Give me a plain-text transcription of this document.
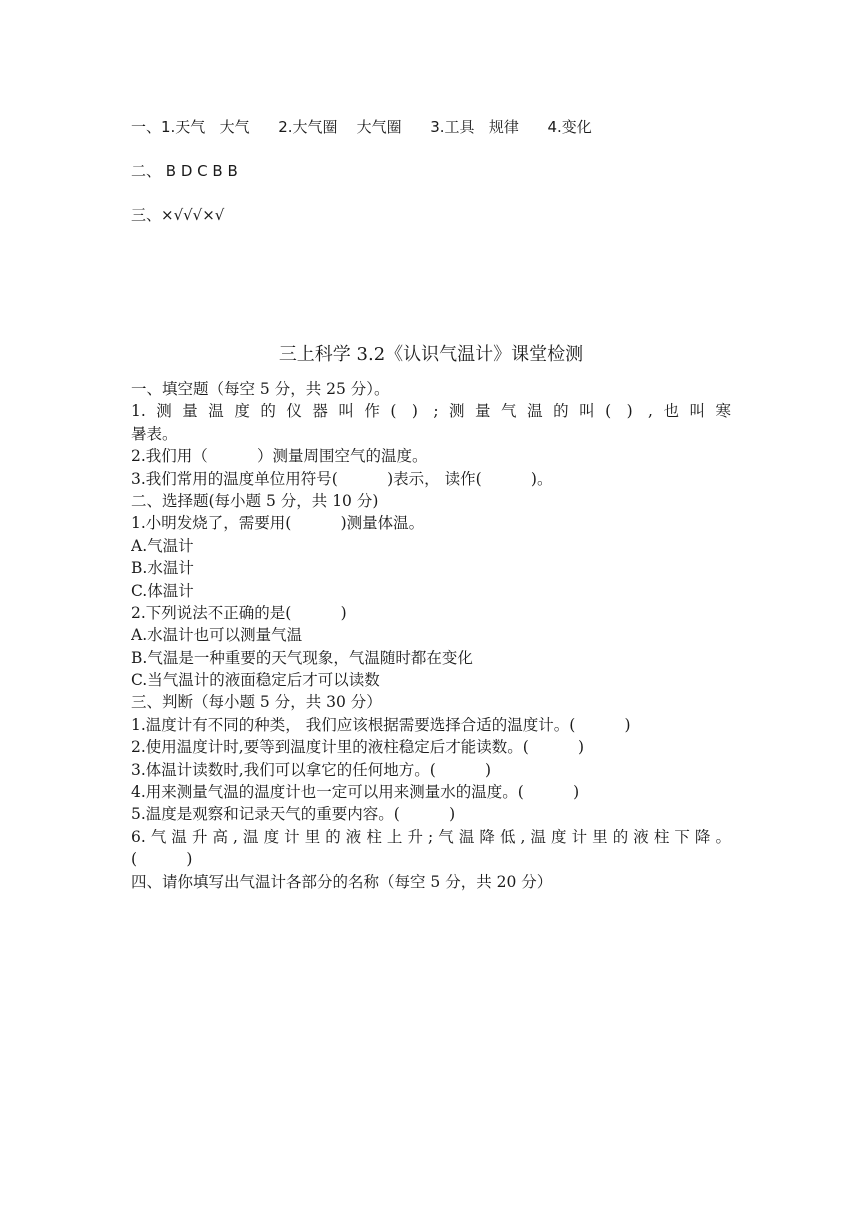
一、1.天气   大气      2.大气圈    大气圈      3.工具   规律      4.变化
二、 B D C B B
三、×√√√×√
三上科学 3.2《认识气温计》课堂检测
一、填空题（每空 5 分，共 25 分）。
1.测量温度的仪器叫作( ) ;测量气温的叫( ) ,也叫寒
暑表。
2.我们用（          ）测量周围空气的温度。
3.我们常用的温度单位用符号(          )表示， 读作(          )。
二、选择题(每小题 5 分，共 10 分)
1.小明发烧了，需要用(          )测量体温。
A.气温计
B.水温计
C.体温计
2.下列说法不正确的是(          )
A.水温计也可以测量气温
B.气温是一种重要的天气现象，气温随时都在变化
C.当气温计的液面稳定后才可以读数
三、判断（每小题 5 分，共 30 分）
1.温度计有不同的种类， 我们应该根据需要选择合适的温度计。(          )
2.使用温度计时,要等到温度计里的液柱稳定后才能读数。(          )
3.体温计读数时,我们可以拿它的任何地方。(          )
4.用来测量气温的温度计也一定可以用来测量水的温度。(          )
5.温度是观察和记录天气的重要内容。(          )
6.气温升高,温度计里的液柱上升;气温降低,温度计里的液柱下降。
(          )
四、请你填写出气温计各部分的名称（每空 5 分，共 20 分）
